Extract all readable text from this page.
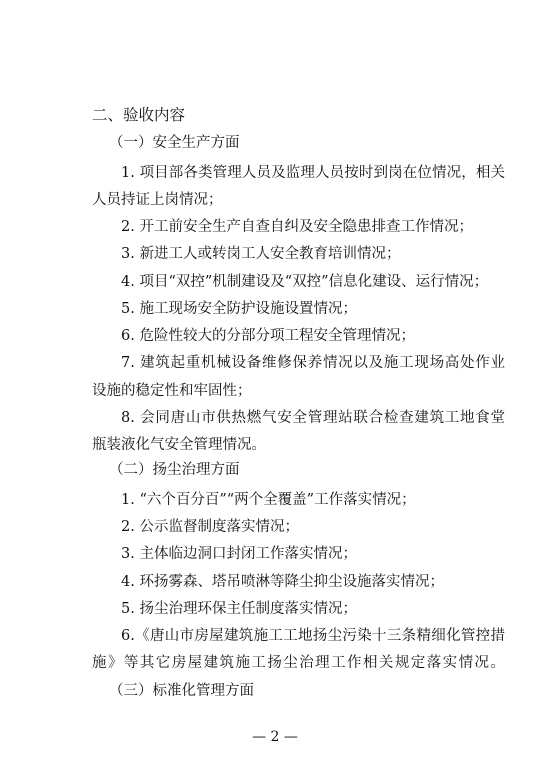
二、验收内容
（一）安全生产方面
1. 项目部各类管理人员及监理人员按时到岗在位情况，相关
人员持证上岗情况；
2. 开工前安全生产自查自纠及安全隐患排查工作情况；
3. 新进工人或转岗工人安全教育培训情况；
4. 项目“双控”机制建设及“双控”信息化建设、运行情况；
5. 施工现场安全防护设施设置情况；
6. 危险性较大的分部分项工程安全管理情况；
7. 建筑起重机械设备维修保养情况以及施工现场高处作业
设施的稳定性和牢固性；
8. 会同唐山市供热燃气安全管理站联合检查建筑工地食堂
瓶装液化气安全管理情况。
（二）扬尘治理方面
1. “六个百分百”“两个全覆盖”工作落实情况；
2. 公示监督制度落实情况；
3. 主体临边洞口封闭工作落实情况；
4. 环扬雾森、塔吊喷淋等降尘抑尘设施落实情况；
5. 扬尘治理环保主任制度落实情况；
6.《唐山市房屋建筑施工工地扬尘污染十三条精细化管控措
施》等其它房屋建筑施工扬尘治理工作相关规定落实情况。
（三）标准化管理方面
— 2 —
